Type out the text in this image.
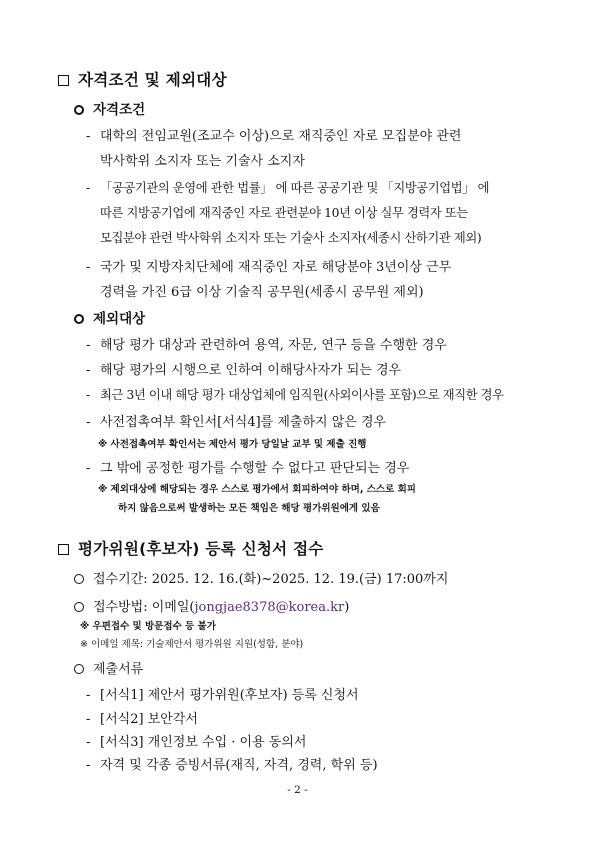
자격조건 및 제외대상
자격조건
- 대학의 전임교원(조교수 이상)으로 재직중인 자로 모집분야 관련
박사학위 소지자 또는 기술사 소지자
- 「공공기관의 운영에 관한 법률」 에 따른 공공기관 및 「지방공기업법」 에
따른 지방공기업에 재직중인 자로 관련분야 10년 이상 실무 경력자 또는
모집분야 관련 박사학위 소지자 또는 기술사 소지자(세종시 산하기관 제외)
- 국가 및 지방자치단체에 재직중인 자로 해당분야 3년이상 근무
경력을 가진 6급 이상 기술직 공무원(세종시 공무원 제외)
제외대상
- 해당 평가 대상과 관련하여 용역, 자문, 연구 등을 수행한 경우
- 해당 평가의 시행으로 인하여 이해당사자가 되는 경우
- 최근 3년 이내 해당 평가 대상업체에 임직원(사외이사를 포함)으로 재직한 경우
- 사전접촉여부 확인서[서식4]를 제출하지 않은 경우
※ 사전접촉여부 확인서는 제안서 평가 당일날 교부 및 제출 진행
- 그 밖에 공정한 평가를 수행할 수 없다고 판단되는 경우
※ 제외대상에 해당되는 경우 스스로 평가에서 회피하여야 하며, 스스로 회피
하지 않음으로써 발생하는 모든 책임은 해당 평가위원에게 있음
평가위원(후보자) 등록 신청서 접수
접수기간: 2025. 12. 16.(화)~2025. 12. 19.(금) 17:00까지
접수방법: 이메일(jongjae8378@korea.kr)
※ 우편접수 및 방문접수 등 불가
※ 이메일 제목: 기술제안서 평가위원 지원(성함, 분야)
제출서류
- [서식1] 제안서 평가위원(후보자) 등록 신청서
- [서식2] 보안각서
- [서식3] 개인정보 수입 · 이용 동의서
- 자격 및 각종 증빙서류(재직, 자격, 경력, 학위 등)
- 2 -
